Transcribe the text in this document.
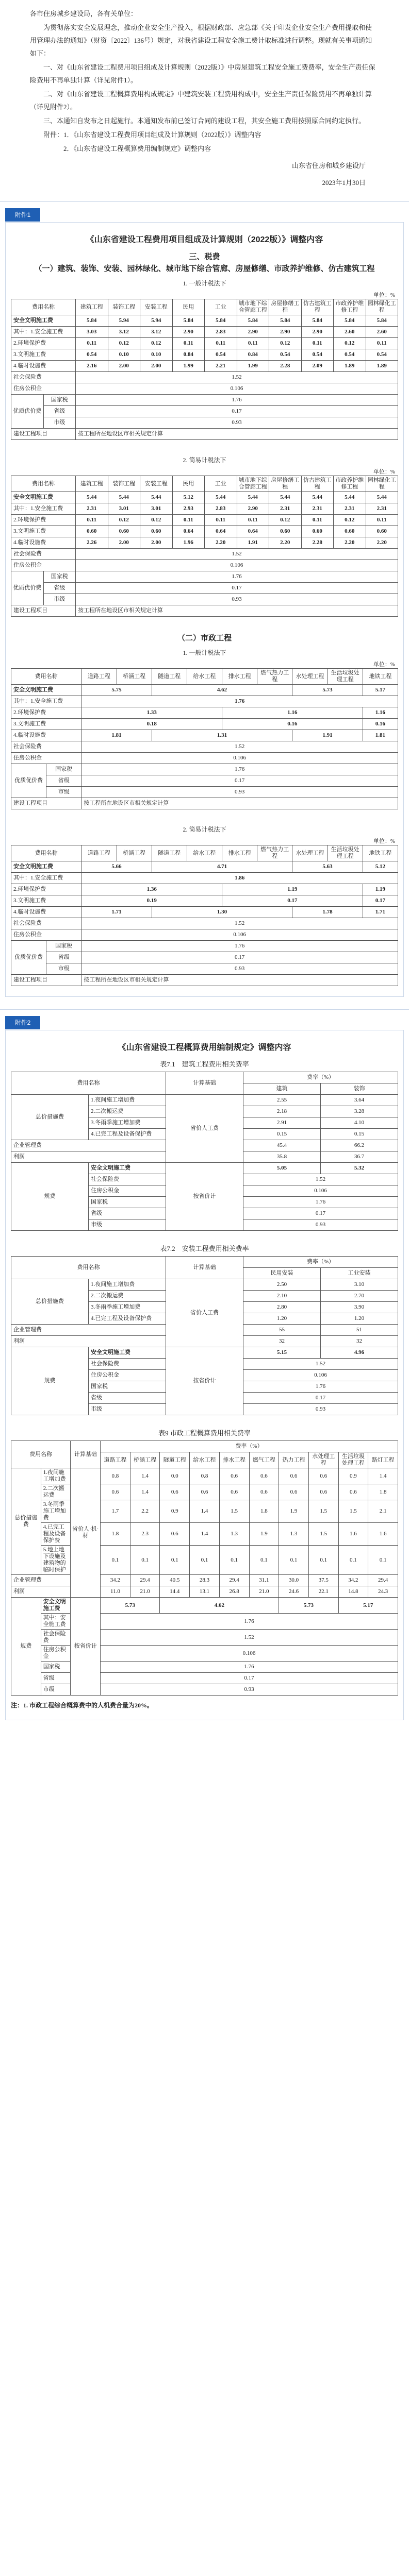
各市住房城乡建设局，各有关单位：

为贯彻落实安全发展理念，推动企业安全生产投入，根据财政部、应急部《关于印发企业安全生产费用提取和使用管理办法的通知》（财资〔2022〕136号）规定，对我省建设工程安全施工费计取标准进行调整。现就有关事项通知如下：

一、对《山东省建设工程费用项目组成及计算规则（2022版）》中房屋建筑工程安全施工费费率，安全生产责任保险费用不再单独计算（详见附件1）。

二、对《山东省建设工程概算费用构成规定》中建筑安装工程费用构成中，安全生产责任保险费用不再单独计算（详见附件2）。

三、本通知自发布之日起施行。本通知发布前已签订合同的建设工程，其安全施工费用按照原合同约定执行。

附件：1．《山东省建设工程费用项目组成及计算规则（2022版）》调整内容

2．《山东省建设工程概算费用编制规定》调整内容

山东省住房和城乡建设厅
2023年1月30日
附件1
《山东省建设工程费用项目组成及计算规则（2022版）》调整内容
三、税费
（一）建筑、装饰、安装、园林绿化、城市地下综合管廊、房屋修缮、市政养护维修、仿古建筑工程
1. 一般计税法下
单位：%
费用名称		建筑工程	装饰工程	安装工程	民用	工业	城市地下综合管廊工程	房屋修缮工程	仿古建筑工程	市政养护维修工程	园林绿化工程
安全文明施工费		5.84	5.94	5.94	5.84	5.84	5.84	5.84	5.84	5.84	5.84
其中：1.安全施工费		3.03	3.12	3.12	2.90	2.83	2.90	2.90	2.90	2.60	2.60
2.环境保护费		0.11	0.12	0.12	0.11	0.11	0.11	0.12	0.11	0.12	0.11
3.文明施工费		0.54	0.10	0.10	0.84	0.54	0.84	0.54	0.54	0.54	0.54
4.临时设施费		2.16	2.00	2.00	1.99	2.21	1.99	2.28	2.09	1.89	1.89
社会保险费		1.52									
住房公积金		0.106									
优质优价费	国家税	1.76									
	省级	0.17									
	市级	0.93									
建设工程项目		按工程所在地设区市相关规定计算									
2. 简易计税法下
单位：%
费用名称		建筑工程	装饰工程	安装工程	民用	工业	城市地下综合管廊工程	房屋修缮工程	仿古建筑工程	市政养护维修工程	园林绿化工程
安全文明施工费		5.44	5.44	5.44	5.12	5.44	5.44	5.44	5.44	5.44	5.44
其中：1.安全施工费		2.31	3.01	3.01	2.93	2.83	2.90	2.31	2.31	2.31	2.31
2.环境保护费		0.11	0.12	0.12	0.11	0.11	0.11	0.12	0.11	0.12	0.11
3.文明施工费		0.60	0.60	0.60	0.64	0.64	0.64	0.60	0.60	0.60	0.60
4.临时设施费		2.26	2.00	2.00	1.96	2.20	1.91	2.20	2.28	2.20	2.20
社会保险费		1.52									
住房公积金		0.106									
优质优价费	国家税	1.76									
	省级	0.17									
	市级	0.93									
建设工程项目		按工程所在地设区市相关规定计算									
（二）市政工程
1. 一般计税法下
单位：%
费用名称		道路工程	桥涵工程	隧道工程	给水工程	排水工程	燃气热力工程	水处理工程	生活垃圾处理工程	地铁工程
安全文明施工费		5.75		4.62				5.73		5.17
其中：1.安全施工费		1.76								
2.环境保护费		1.33				1.16				1.16
3.文明施工费		0.18				0.16				0.16
4.临时设施费		1.81		1.31				1.91		1.81
社会保险费		1.52								
住房公积金		0.106								
优质优价费	国家税	1.76								
	省级	0.17								
	市级	0.93								
建设工程项目		按工程所在地设区市相关规定计算								
2. 简易计税法下
单位：%
费用名称		道路工程	桥涵工程	隧道工程	给水工程	排水工程	燃气热力工程	水处理工程	生活垃圾处理工程	地铁工程
安全文明施工费		5.66		4.71				5.63		5.12
其中：1.安全施工费		1.86								
2.环境保护费		1.36				1.19				1.19
3.文明施工费		0.19				0.17				0.17
4.临时设施费		1.71		1.30				1.78		1.71
社会保险费		1.52								
住房公积金		0.106								
优质优价费	国家税	1.76								
	省级	0.17								
	市级	0.93								
建设工程项目		按工程所在地设区市相关规定计算								
附件2
《山东省建设工程概算费用编制规定》调整内容
表7.1　建筑工程费用相关费率
费用名称		计算基础	费率（%）	
			建筑	装饰
总价措施费	1.夜间施工增加费	省价人工费	2.55	3.64
	2.二次搬运费		2.18	3.28
	3.冬雨季施工增加费		2.91	4.10
	4.已完工程及设备保护费		0.15	0.15
企业管理费			45.4	66.2
利润			35.8	36.7
规费	安全文明施工费	按省价计	5.05	5.32
	社会保险费		1.52	
	住房公积金		0.106	
	国家税		1.76	
	省级		0.17	
	市级		0.93	
表7.2　安装工程费用相关费率
费用名称		计算基础	费率（%）	
			民用安装	工业安装
总价措施费	1.夜间施工增加费	省价人工费	2.50	3.10
	2.二次搬运费		2.10	2.70
	3.冬雨季施工增加费		2.80	3.90
	4.已完工程及设备保护费		1.20	1.20
企业管理费			55	51
利润			32	32
规费	安全文明施工费	按省价计	5.15	4.96
	社会保险费		1.52	
	住房公积金		0.106	
	国家税		1.76	
	省级		0.17	
	市级		0.93	
表9 市政工程概算费用相关费率
费用名称		计算基础	费率（%）									
			道路工程	桥涵工程	隧道工程	给水工程	排水工程	燃气工程	热力工程	水处理工程	生活垃圾处理工程	路灯工程
总价措施费	1.夜间施工增加费	省价人·机·材	0.8	1.4	0.0	0.8	0.6	0.6	0.6	0.6	0.9	1.4
	2.二次搬运费		0.6	1.4	0.6	0.6	0.6	0.6	0.6	0.6	0.6	1.8
	3.冬雨季施工增加费		1.7	2.2	0.9	1.4	1.5	1.8	1.9	1.5	1.5	2.1
	4.已完工程及设备保护费		1.8	2.3	0.6	1.4	1.3	1.9	1.3	1.5	1.6	1.6
	5.地上地下设施及建筑物的临时保护		0.1	0.1	0.1	0.1	0.1	0.1	0.1	0.1	0.1	0.1
企业管理费			34.2	29.4	40.5	28.3	29.4	31.1	30.0	37.5	34.2	29.4
利润			11.0	21.0	14.4	13.1	26.8	21.0	24.6	22.1	14.8	24.3
规费	安全文明施工费	按省价计	5.73		4.62				5.73		5.17	
	其中：安全施工费		1.76									
	社会保险费		1.52									
	住房公积金		0.106									
	国家税		1.76									
	省级		0.17									
	市级		0.93									
注：1. 市政工程综合概算费中的人机费合量为20%。
